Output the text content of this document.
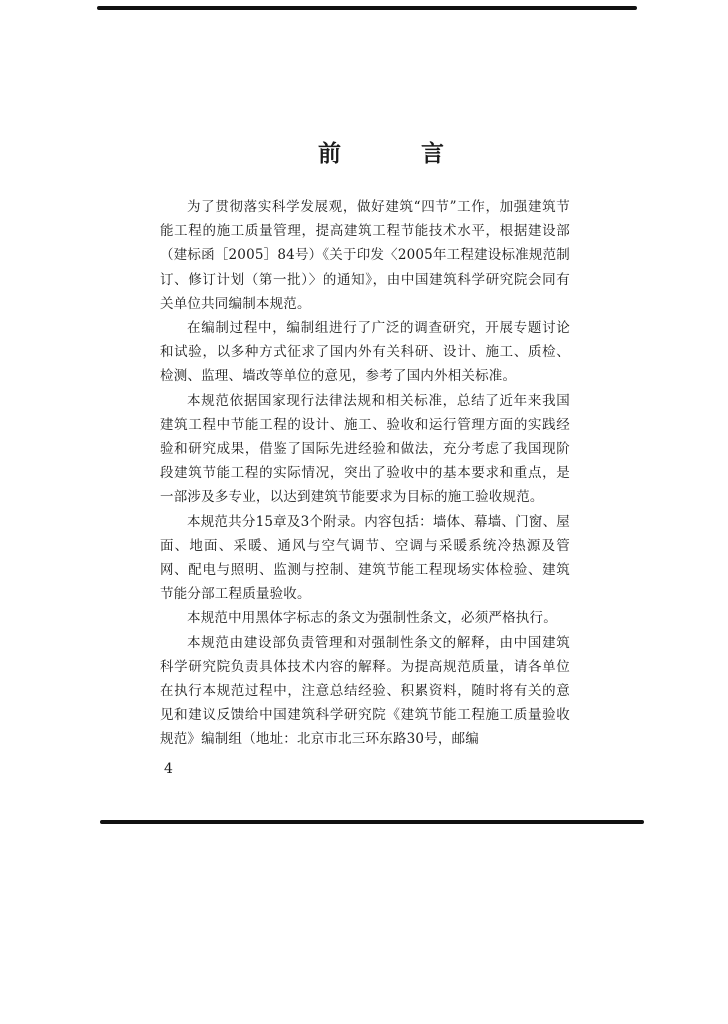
前 言

为了贯彻落实科学发展观，做好建筑“四节”工作，加强建筑节能工程的施工质量管理，提高建筑工程节能技术水平，根据建设部（建标函［2005］84号）《关于印发〈2005年工程建设标准规范制订、修订计划（第一批）〉的通知》，由中国建筑科学研究院会同有关单位共同编制本规范。

在编制过程中，编制组进行了广泛的调查研究，开展专题讨论和试验，以多种方式征求了国内外有关科研、设计、施工、质检、检测、监理、墙改等单位的意见，参考了国内外相关标准。

本规范依据国家现行法律法规和相关标准，总结了近年来我国建筑工程中节能工程的设计、施工、验收和运行管理方面的实践经验和研究成果，借鉴了国际先进经验和做法，充分考虑了我国现阶段建筑节能工程的实际情况，突出了验收中的基本要求和重点，是一部涉及多专业，以达到建筑节能要求为目标的施工验收规范。

本规范共分15章及3个附录。内容包括：墙体、幕墙、门窗、屋面、地面、采暖、通风与空气调节、空调与采暖系统冷热源及管网、配电与照明、监测与控制、建筑节能工程现场实体检验、建筑节能分部工程质量验收。

本规范中用黑体字标志的条文为强制性条文，必须严格执行。

本规范由建设部负责管理和对强制性条文的解释，由中国建筑科学研究院负责具体技术内容的解释。为提高规范质量，请各单位在执行本规范过程中，注意总结经验、积累资料，随时将有关的意见和建议反馈给中国建筑科学研究院《建筑节能工程施工质量验收规范》编制组（地址：北京市北三环东路30号，邮编

4
